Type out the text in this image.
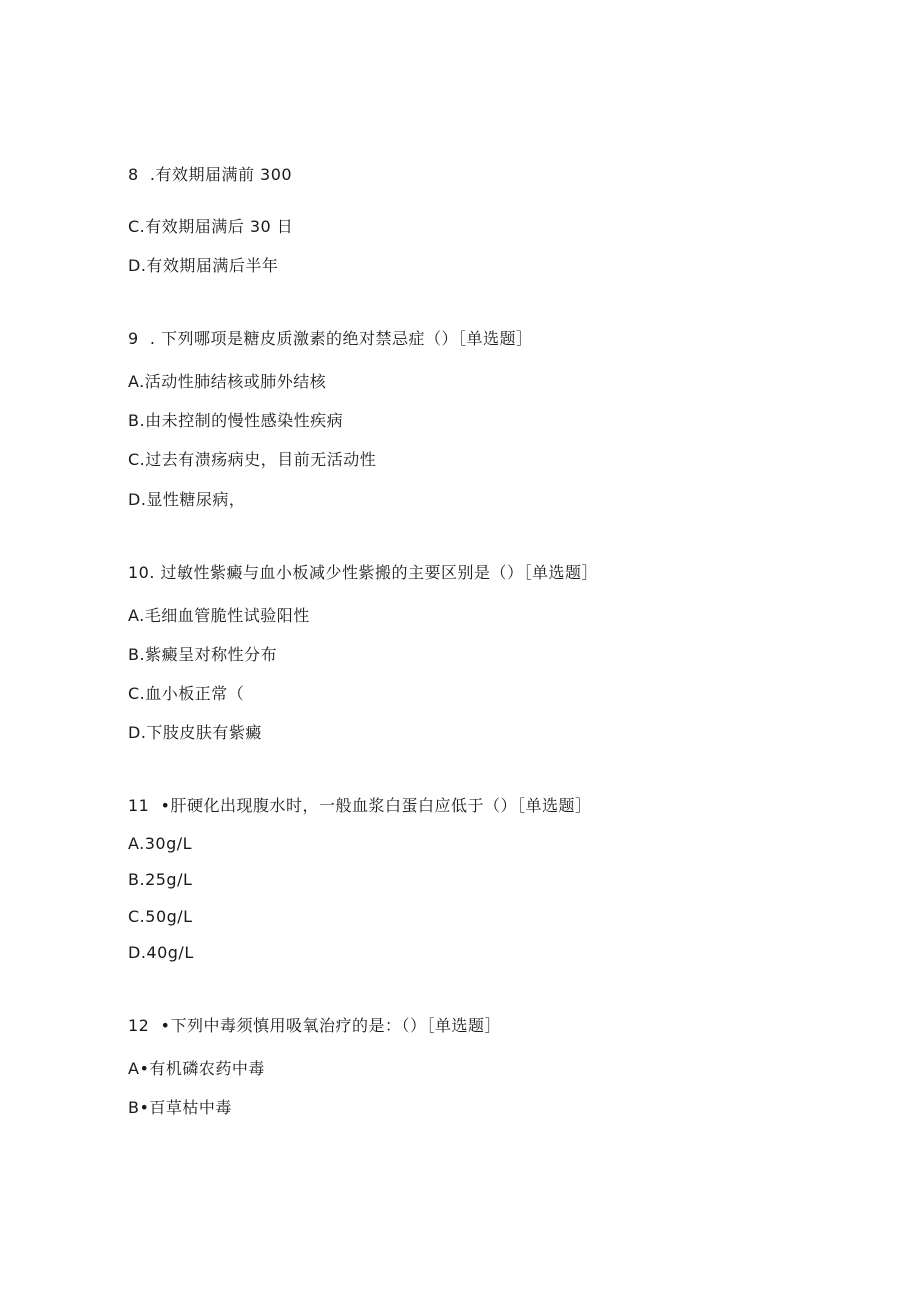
8  .有效期届满前 300
C.有效期届满后 30 日
D.有效期届满后半年
9  . 下列哪项是糖皮质激素的绝对禁忌症（）［单选题］
A.活动性肺结核或肺外结核
B.由未控制的慢性感染性疾病
C.过去有溃疡病史，目前无活动性
D.显性糖尿病，
10. 过敏性紫癜与血小板减少性紫搬的主要区别是（）［单选题］
A.毛细血管脆性试验阳性
B.紫癜呈对称性分布
C.血小板正常（
D.下肢皮肤有紫癜
11  •肝硬化出现腹水时，一般血浆白蛋白应低于（）［单选题］
A.30g∕L
B.25g∕L
C.50g∕L
D.40g∕L
12  •下列中毒须慎用吸氧治疗的是：（）［单选题］
A•有机磷农药中毒
B•百草枯中毒
